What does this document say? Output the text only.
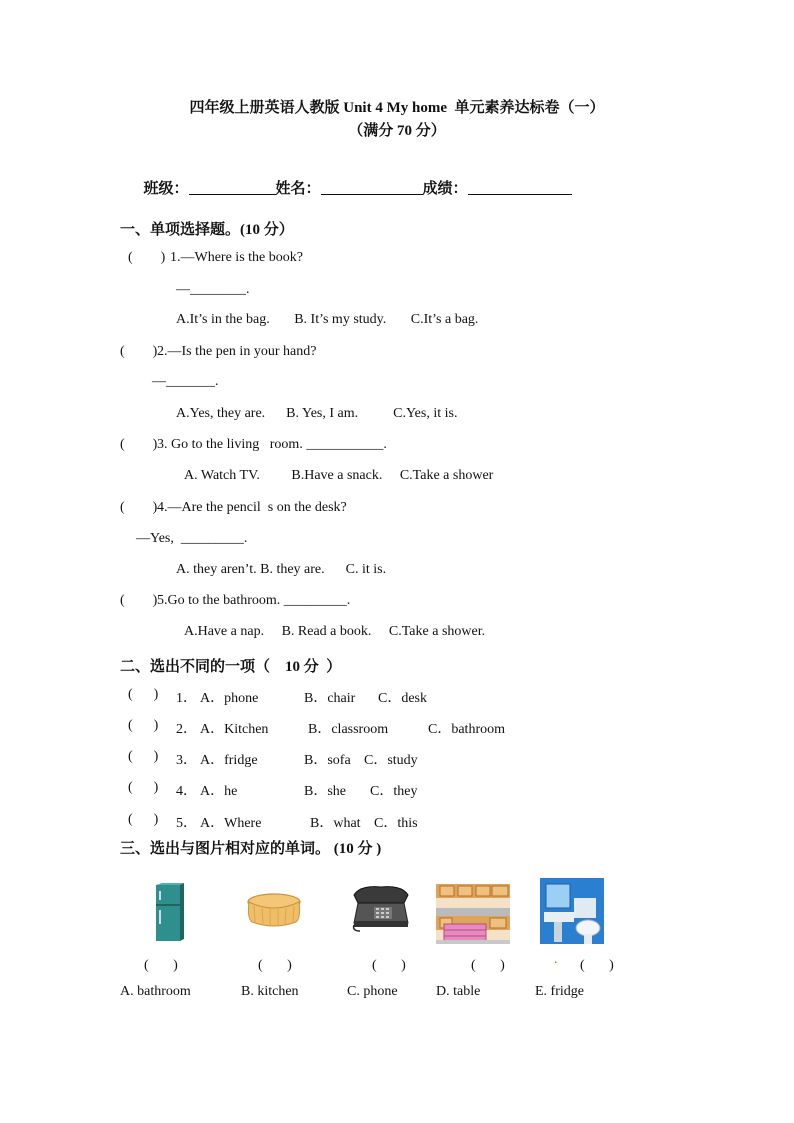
四年级上册英语人教版 Unit 4 My home  单元素养达标卷（一）
（满分 70 分）

班级：	姓名：	成绩：

一、单项选择题。(10 分）
(        ) 1.—Where is the book?
—________.
A.It’s in the bag.       B. It’s my study.       C.It’s a bag.
(        ) 2.—Is the pen in your hand?
—_______.
A.Yes, they are.      B. Yes, I am.          C.Yes, it is.
(        ) 3. Go to the living   room. ___________.
A. Watch TV.         B.Have a snack.     C.Take a shower
(        ) 4.—Are the pencil  s on the desk?
—Yes,  _________.
A. they aren’t. B. they are.      C. it is.
(        ) 5.Go to the bathroom. _________.
A.Have a nap.     B. Read a book.     C.Take a shower.
二、选出不同的一项（    10 分  ）
(      ) 1． A．phone	B．chair C．desk
(      ) 2． A．Kitchen	B．classroom	C．bathroom
(      ) 3． A．fridge	B．sofa C．study
(      ) 4． A．he	B．she C．they
(      ) 5． A．Where	B．what C．this
三、选出与图片相对应的单词。 (10 分 )
(       )	(       )	(       )	(       )	. (       )
A. bathroom	B. kitchen	C. phone	D. table	E. fridge
